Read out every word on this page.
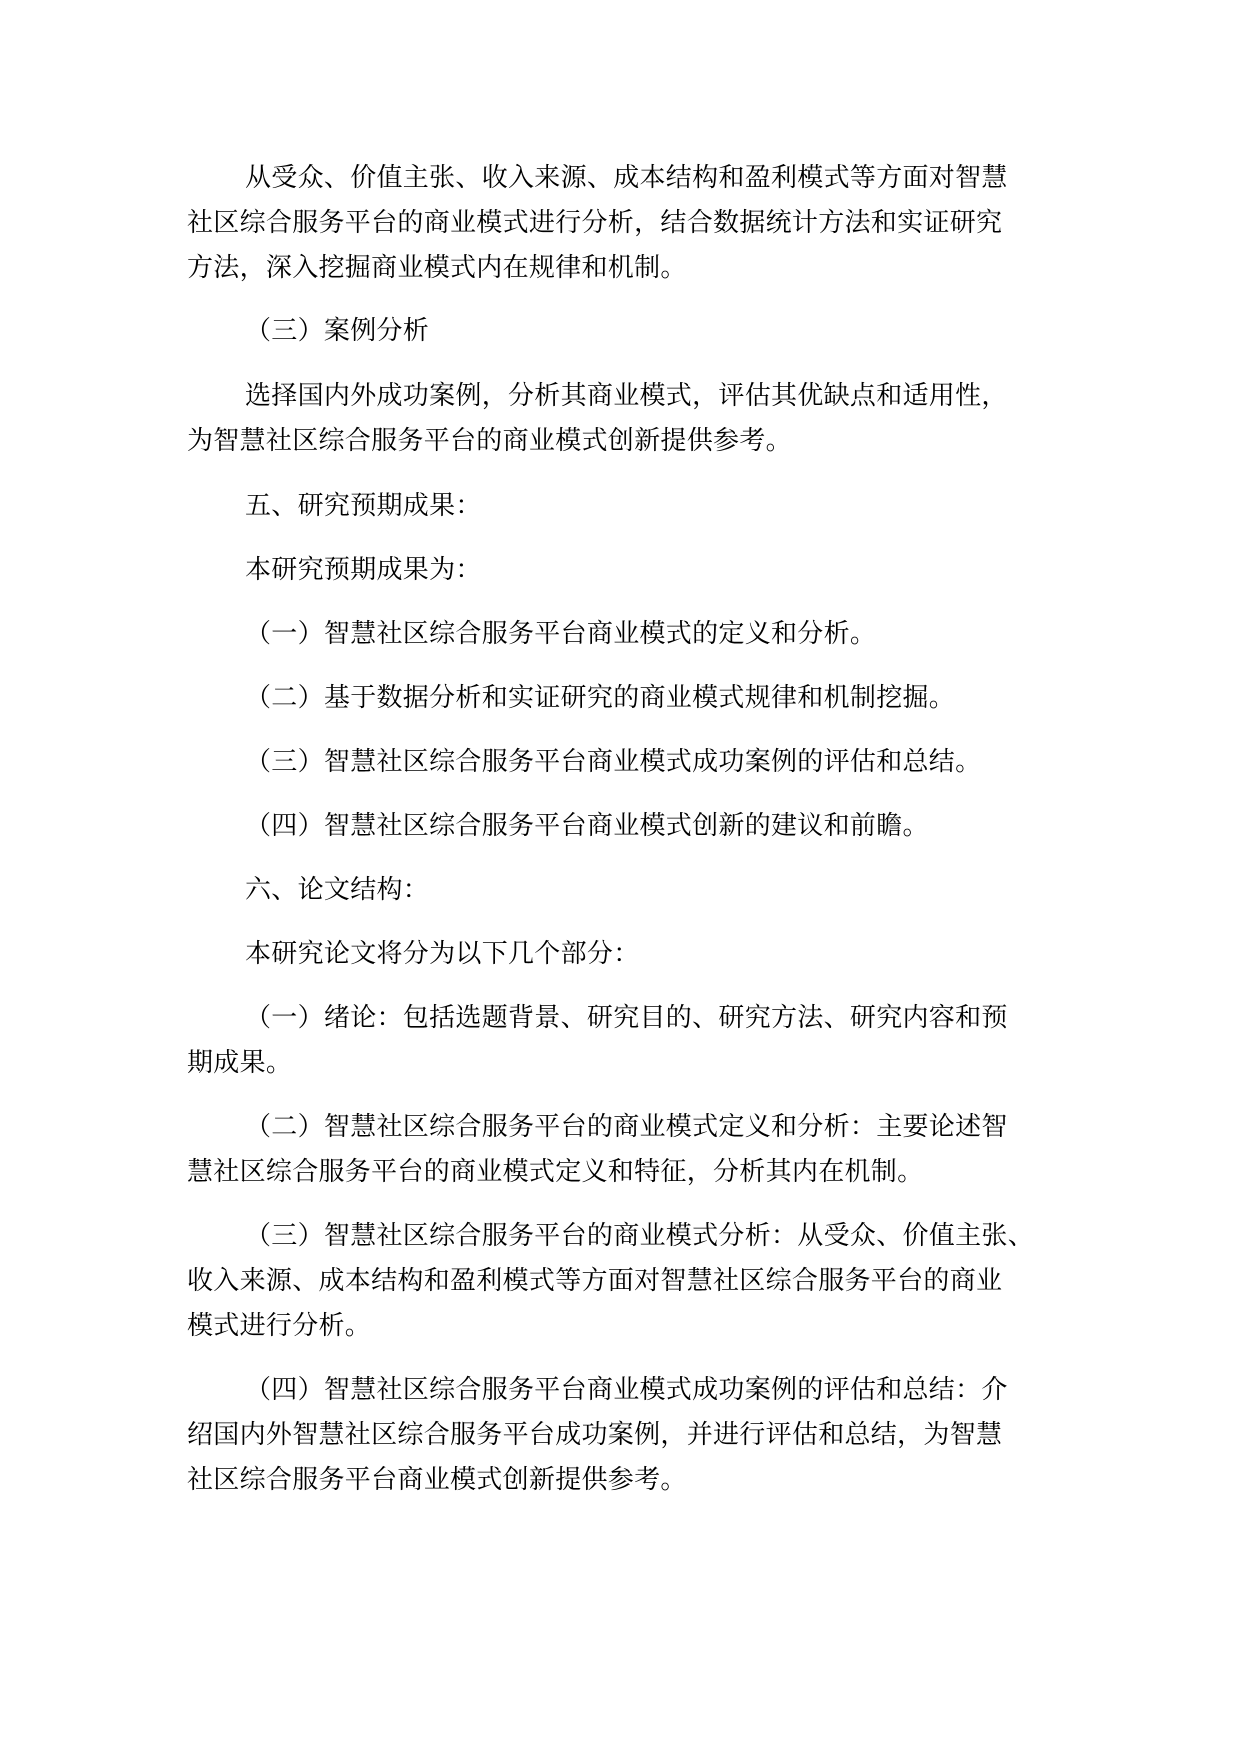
从受众、价值主张、收入来源、成本结构和盈利模式等方面对智慧
社区综合服务平台的商业模式进行分析，结合数据统计方法和实证研究
方法，深入挖掘商业模式内在规律和机制。
（三）案例分析
选择国内外成功案例，分析其商业模式，评估其优缺点和适用性，
为智慧社区综合服务平台的商业模式创新提供参考。
五、研究预期成果：
本研究预期成果为：
（一）智慧社区综合服务平台商业模式的定义和分析。
（二）基于数据分析和实证研究的商业模式规律和机制挖掘。
（三）智慧社区综合服务平台商业模式成功案例的评估和总结。
（四）智慧社区综合服务平台商业模式创新的建议和前瞻。
六、论文结构：
本研究论文将分为以下几个部分：
（一）绪论：包括选题背景、研究目的、研究方法、研究内容和预
期成果。
（二）智慧社区综合服务平台的商业模式定义和分析：主要论述智
慧社区综合服务平台的商业模式定义和特征，分析其内在机制。
（三）智慧社区综合服务平台的商业模式分析：从受众、价值主张、
收入来源、成本结构和盈利模式等方面对智慧社区综合服务平台的商业
模式进行分析。
（四）智慧社区综合服务平台商业模式成功案例的评估和总结：介
绍国内外智慧社区综合服务平台成功案例，并进行评估和总结，为智慧
社区综合服务平台商业模式创新提供参考。
